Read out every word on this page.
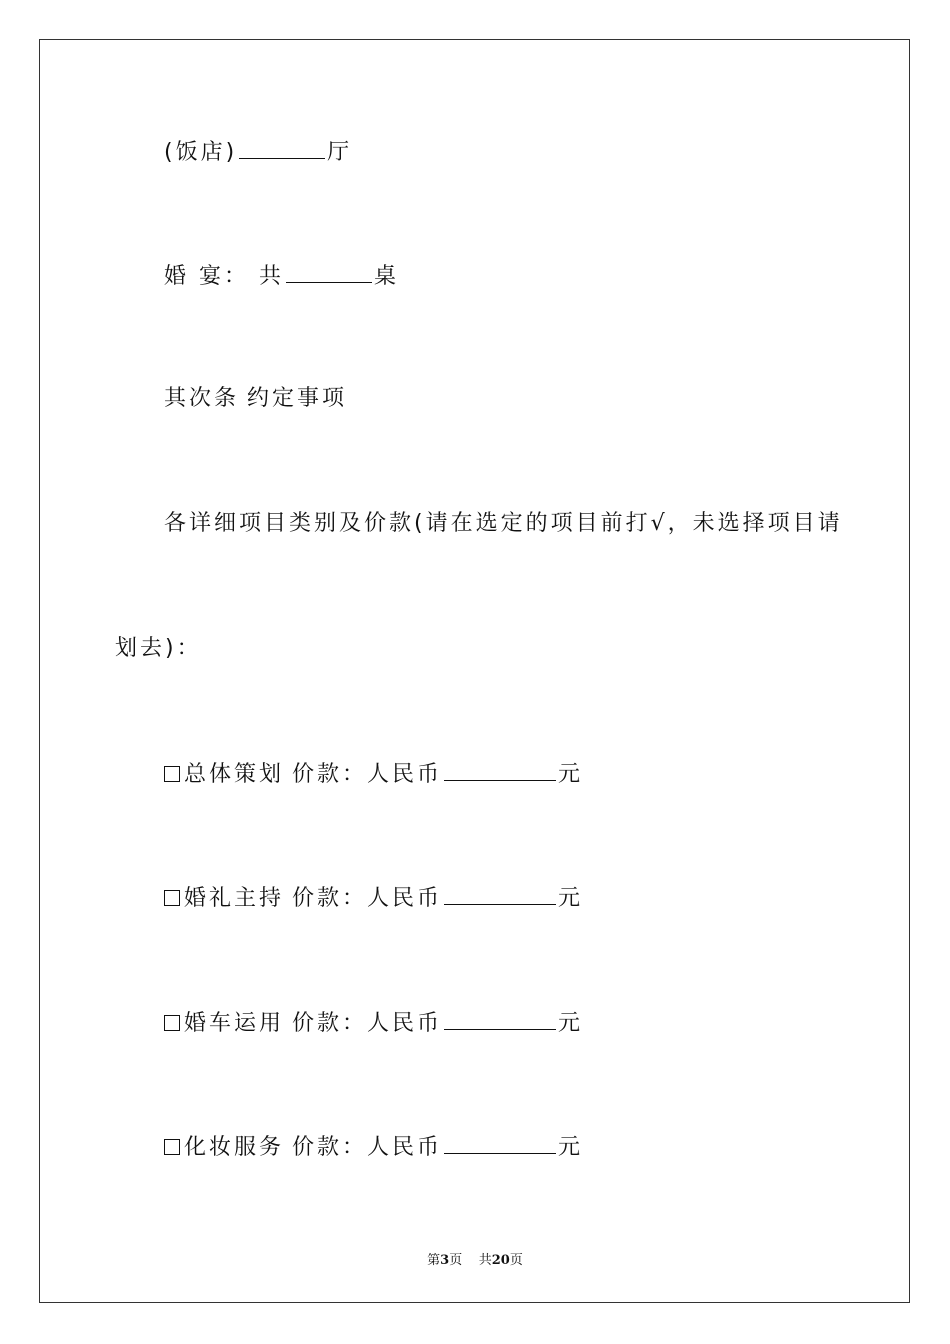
(饭店)	厅
婚 宴： 共	桌
其次条 约定事项
各详细项目类别及价款(请在选定的项目前打√，未选择项目请
划去)：
总体策划 价款：人民币	元
婚礼主持 价款：人民币	元
婚车运用 价款：人民币	元
化妆服务 价款：人民币	元
第3页 共20页
